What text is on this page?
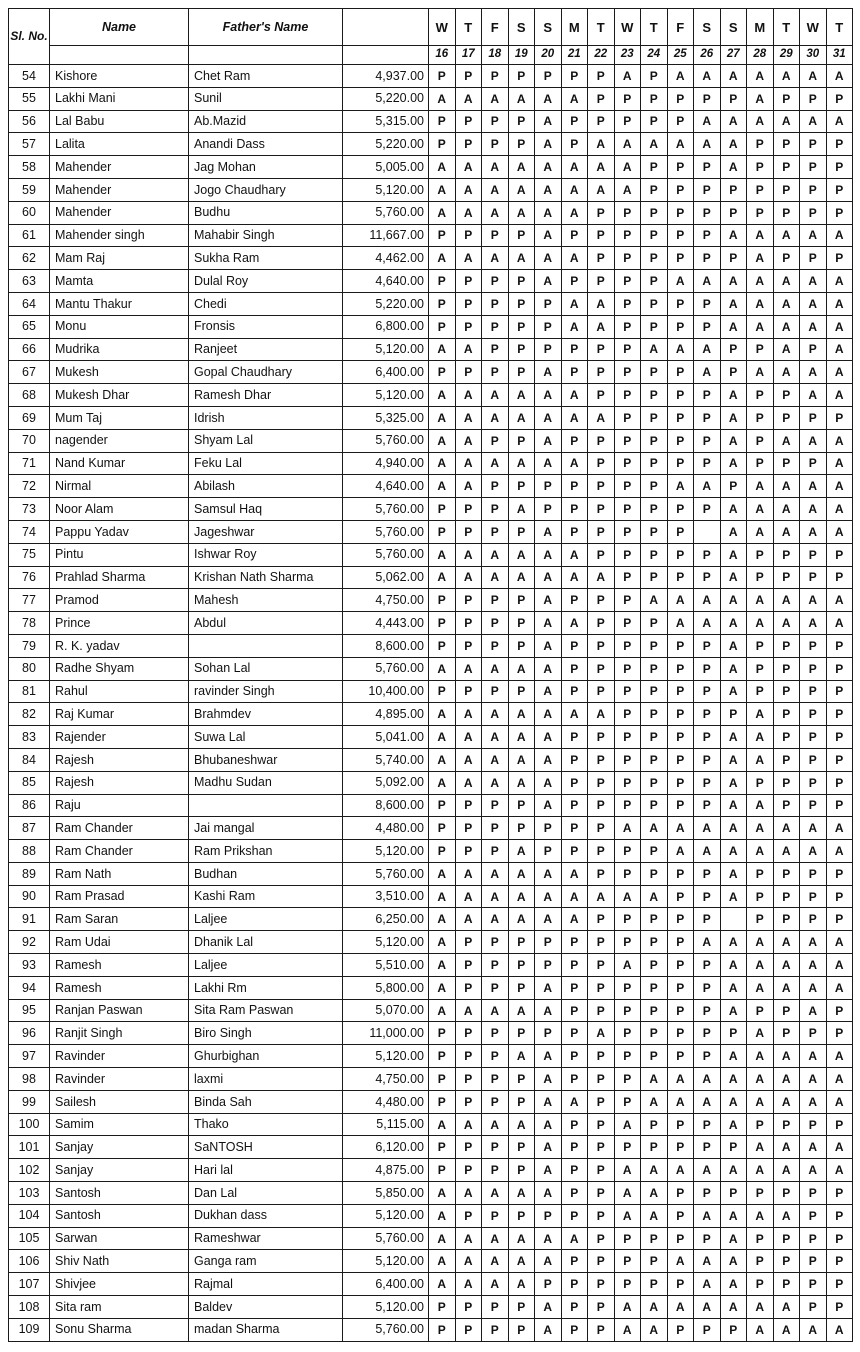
Sl. No.	Name	Father's Name		W	T	F	S	S	M	T	W	T	F	S	S	M	T	W	T
				16	17	18	19	20	21	22	23	24	25	26	27	28	29	30	31
54	Kishore	Chet Ram	4,937.00	P	P	P	P	P	P	P	A	P	A	A	A	A	A	A	A
55	Lakhi Mani	Sunil	5,220.00	A	A	A	A	A	A	P	P	P	P	P	P	A	P	P	P
56	Lal Babu	Ab.Mazid	5,315.00	P	P	P	P	A	P	P	P	P	P	A	A	A	A	A	A
57	Lalita	Anandi Dass	5,220.00	P	P	P	P	A	P	A	A	A	A	A	A	P	P	P	P
58	Mahender	Jag Mohan	5,005.00	A	A	A	A	A	A	A	A	P	P	P	A	P	P	P	P
59	Mahender	Jogo Chaudhary	5,120.00	A	A	A	A	A	A	A	A	P	P	P	P	P	P	P	P
60	Mahender	Budhu	5,760.00	A	A	A	A	A	A	P	P	P	P	P	P	P	P	P	P
61	Mahender singh	Mahabir Singh	11,667.00	P	P	P	P	A	P	P	P	P	P	P	A	A	A	A	A
62	Mam Raj	Sukha Ram	4,462.00	A	A	A	A	A	A	P	P	P	P	P	P	A	P	P	P
63	Mamta	Dulal Roy	4,640.00	P	P	P	P	A	P	P	P	P	A	A	A	A	A	A	A
64	Mantu Thakur	Chedi	5,220.00	P	P	P	P	P	A	A	P	P	P	P	A	A	A	A	A
65	Monu	Fronsis	6,800.00	P	P	P	P	P	A	A	P	P	P	P	A	A	A	A	A
66	Mudrika	Ranjeet	5,120.00	A	A	P	P	P	P	P	P	A	A	A	P	P	A	P	A
67	Mukesh	Gopal Chaudhary	6,400.00	P	P	P	P	A	P	P	P	P	P	A	P	A	A	A	A
68	Mukesh Dhar	Ramesh Dhar	5,120.00	A	A	A	A	A	A	P	P	P	P	P	A	P	P	A	A
69	Mum Taj	Idrish	5,325.00	A	A	A	A	A	A	A	P	P	P	P	A	P	P	P	P
70	nagender	Shyam Lal	5,760.00	A	A	P	P	A	P	P	P	P	P	P	A	P	A	A	A
71	Nand Kumar	Feku Lal	4,940.00	A	A	A	A	A	A	P	P	P	P	P	A	P	P	P	A
72	Nirmal	Abilash	4,640.00	A	A	P	P	P	P	P	P	P	A	A	P	A	A	A	A
73	Noor Alam	Samsul Haq	5,760.00	P	P	P	A	P	P	P	P	P	P	P	A	A	A	A	A
74	Pappu Yadav	Jageshwar	5,760.00	P	P	P	P	A	P	P	P	P	P		A	A	A	A	A
75	Pintu	Ishwar Roy	5,760.00	A	A	A	A	A	A	P	P	P	P	P	A	P	P	P	P
76	Prahlad Sharma	Krishan Nath Sharma	5,062.00	A	A	A	A	A	A	A	P	P	P	P	A	P	P	P	P
77	Pramod	Mahesh	4,750.00	P	P	P	P	A	P	P	P	A	A	A	A	A	A	A	A
78	Prince	Abdul	4,443.00	P	P	P	P	A	A	P	P	P	A	A	A	A	A	A	A
79	R. K. yadav		8,600.00	P	P	P	P	A	P	P	P	P	P	P	A	P	P	P	P
80	Radhe Shyam	Sohan Lal	5,760.00	A	A	A	A	A	P	P	P	P	P	P	A	P	P	P	P
81	Rahul	ravinder Singh	10,400.00	P	P	P	P	A	P	P	P	P	P	P	A	P	P	P	P
82	Raj Kumar	Brahmdev	4,895.00	A	A	A	A	A	A	A	P	P	P	P	P	A	P	P	P
83	Rajender	Suwa Lal	5,041.00	A	A	A	A	A	P	P	P	P	P	P	A	A	P	P	P
84	Rajesh	Bhubaneshwar	5,740.00	A	A	A	A	A	P	P	P	P	P	P	A	A	P	P	P
85	Rajesh	Madhu Sudan	5,092.00	A	A	A	A	A	P	P	P	P	P	P	A	P	P	P	P
86	Raju		8,600.00	P	P	P	P	A	P	P	P	P	P	P	A	A	P	P	P
87	Ram Chander	Jai mangal	4,480.00	P	P	P	P	P	P	P	A	A	A	A	A	A	A	A	A
88	Ram Chander	Ram Prikshan	5,120.00	P	P	P	A	P	P	P	P	P	A	A	A	A	A	A	A
89	Ram Nath	Budhan	5,760.00	A	A	A	A	A	A	P	P	P	P	P	A	P	P	P	P
90	Ram Prasad	Kashi Ram	3,510.00	A	A	A	A	A	A	A	A	A	P	P	A	P	P	P	P
91	Ram Saran	Laljee	6,250.00	A	A	A	A	A	A	P	P	P	P	P		P	P	P	P
92	Ram Udai	Dhanik Lal	5,120.00	A	P	P	P	P	P	P	P	P	P	A	A	A	A	A	A
93	Ramesh	Laljee	5,510.00	A	P	P	P	P	P	P	A	P	P	P	A	A	A	A	A
94	Ramesh	Lakhi Rm	5,800.00	A	P	P	P	A	P	P	P	P	P	P	A	A	A	A	A
95	Ranjan Paswan	Sita Ram Paswan	5,070.00	A	A	A	A	A	P	P	P	P	P	P	A	P	P	A	P
96	Ranjit Singh	Biro Singh	11,000.00	P	P	P	P	P	P	A	P	P	P	P	P	A	P	P	P
97	Ravinder	Ghurbighan	5,120.00	P	P	P	A	A	P	P	P	P	P	P	A	A	A	A	A
98	Ravinder	laxmi	4,750.00	P	P	P	P	A	P	P	P	A	A	A	A	A	A	A	A
99	Sailesh	Binda Sah	4,480.00	P	P	P	P	A	A	P	P	A	A	A	A	A	A	A	A
100	Samim	Thako	5,115.00	A	A	A	A	A	P	P	A	P	P	P	A	P	P	P	P
101	Sanjay	SaNTOSH	6,120.00	P	P	P	P	A	P	P	P	P	P	P	P	A	A	A	A
102	Sanjay	Hari lal	4,875.00	P	P	P	P	A	P	P	A	A	A	A	A	A	A	A	A
103	Santosh	Dan Lal	5,850.00	A	A	A	A	A	P	P	A	A	P	P	P	P	P	P	P
104	Santosh	Dukhan dass	5,120.00	A	P	P	P	P	P	P	A	A	P	A	A	A	A	P	P
105	Sarwan	Rameshwar	5,760.00	A	A	A	A	A	A	P	P	P	P	P	A	P	P	P	P
106	Shiv Nath	Ganga ram	5,120.00	A	A	A	A	A	P	P	P	P	A	A	A	P	P	P	P
107	Shivjee	Rajmal	6,400.00	A	A	A	A	P	P	P	P	P	P	A	A	P	P	P	P
108	Sita ram	Baldev	5,120.00	P	P	P	P	A	P	P	A	A	A	A	A	A	A	P	P
109	Sonu Sharma	madan Sharma	5,760.00	P	P	P	P	A	P	P	A	A	P	P	P	A	A	A	A
